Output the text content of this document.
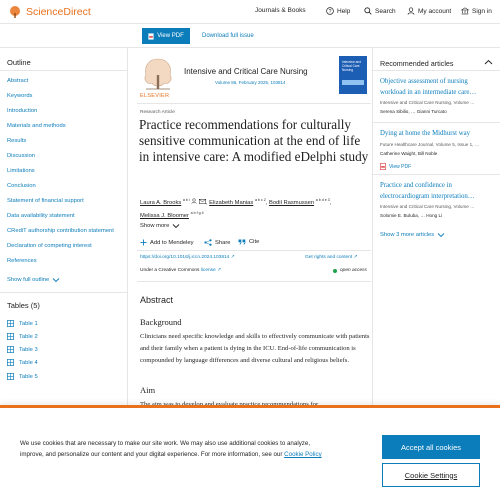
ScienceDirect	Journals & Books	? Help	Search	My account	Sign in
View PDF	Download full issue
Outline
Abstract
Keywords
Introduction
Materials and methods
Results
Discussion
Limitations
Conclusion
Statement of financial support
Data availability statement
CRediT authorship contribution statement
Declaration of competing interest
References
Show full outline
Tables (5)
Table 1
Table 2
Table 3
Table 4
Table 5
ELSEVIER
Intensive and Critical Care Nursing
Volume 86, February 2025, 103814
Intensive and Critical Care Nursing
Research Article
Practice recommendations for culturally sensitive communication at the end of life in intensive care: A modified eDelphi study
Laura A. Brooks $^{a b i}$	, Elizabeth Manias $^{a b c 2}$, Bodil Rasmussen $^{a b d e 3}$,
Melissa J. Bloomer $^{a b f g 4}$
Show more
Add to Mendeley	Share	Cite
https://doi.org/10.1016/j.iccn.2024.103814 ↗	Get rights and content ↗
Under a Creative Commons license ↗	open access
Abstract
Background
Clinicians need specific knowledge and skills to effectively communicate with patients and their family when a patient is dying in the ICU. End-of-life communication is compounded by language differences and diverse cultural and religious beliefs.
Aim
Recommended articles
Objective assessment of nursing workload in an intermediate care…
Intensive and Critical Care Nursing, Volume …
Serena Sibilio, … Gianni Turcato
Dying at home the Midhurst way
Future Healthcare Journal, Volume 5, Issue 1, …
Catherine Waight, Bill Noble
View PDF
Practice and confidence in electrocardiogram interpretation…
Intensive and Critical Care Nursing, Volume …
Solomie E. Buluba, … Hong Li
Show 3 more articles
We use cookies that are necessary to make our site work. We may also use additional cookies to analyze, improve, and personalize our content and your digital experience. For more information, see our Cookie Policy
Accept all cookies
Cookie Settings
